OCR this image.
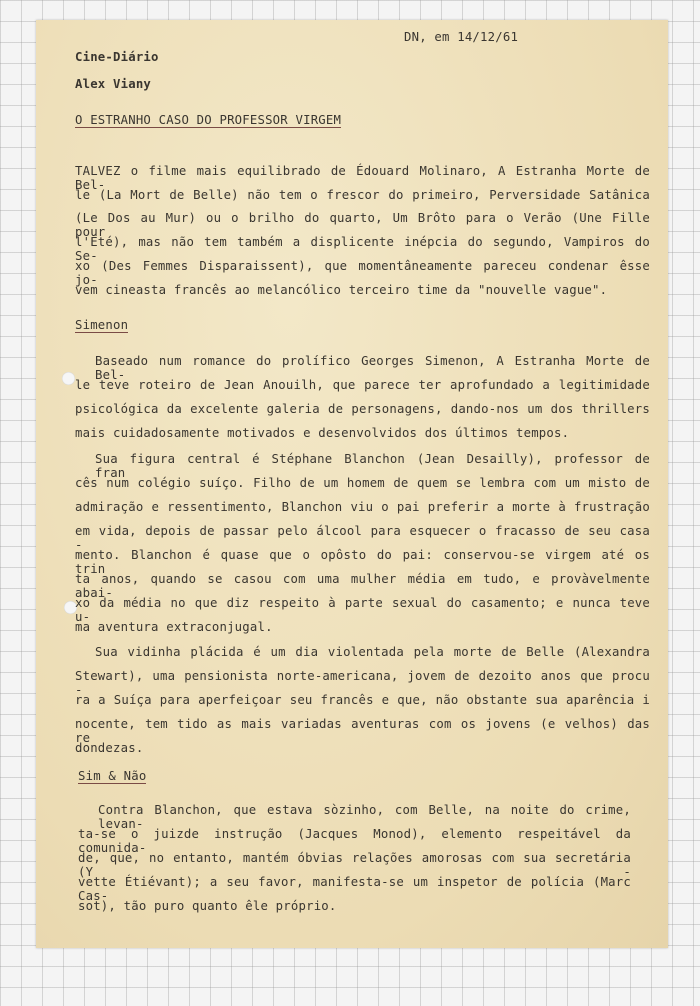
DN, em 14/12/61
Cine-Diário
Alex Viany
O ESTRANHO CASO DO PROFESSOR VIRGEM
TALVEZ o filme mais equilibrado de Édouard Molinaro, A Estranha Morte de Bel-
le (La Mort de Belle) não tem o frescor do primeiro, Perversidade Satânica
(Le Dos au Mur) ou o brilho do quarto, Um Brôto para o Verão (Une Fille pour
l'Été), mas não tem também a displicente inépcia do segundo, Vampiros do Se-
xo (Des Femmes Disparaissent), que momentâneamente pareceu condenar êsse jo-
vem cineasta francês ao melancólico terceiro time da "nouvelle vague".
Simenon
Baseado num romance do prolífico Georges Simenon, A Estranha Morte de Bel-
le teve roteiro de Jean Anouilh, que parece ter aprofundado a legitimidade
psicológica da excelente galeria de personagens, dando-nos um dos thrillers
mais cuidadosamente motivados e desenvolvidos dos últimos tempos.
Sua figura central é Stéphane Blanchon (Jean Desailly), professor de fran
cês num colégio suíço. Filho de um homem de quem se lembra com um misto de
admiração e ressentimento, Blanchon viu o pai preferir a morte à frustração
em vida, depois de passar pelo álcool para esquecer o fracasso de seu casa -
mento. Blanchon é quase que o opôsto do pai: conservou-se virgem até os trin
ta anos, quando se casou com uma mulher média em tudo, e provàvelmente abai-
xo da média no que diz respeito à parte sexual do casamento; e nunca teve u-
ma aventura extraconjugal.
Sua vidinha plácida é um dia violentada pela morte de Belle (Alexandra
Stewart), uma pensionista norte-americana, jovem de dezoito anos que procu -
ra a Suíça para aperfeiçoar seu francês e que, não obstante sua aparência i
nocente, tem tido as mais variadas aventuras com os jovens (e velhos) das re
dondezas.
Sim & Não
Contra Blanchon, que estava sòzinho, com Belle, na noite do crime, levan-
ta-se o juizde instrução (Jacques Monod), elemento respeitável da comunida-
de, que, no entanto, mantém óbvias relações amorosas com sua secretária (Y -
vette Étiévant); a seu favor, manifesta-se um inspetor de polícia (Marc Cas-
sot), tão puro quanto êle próprio.
